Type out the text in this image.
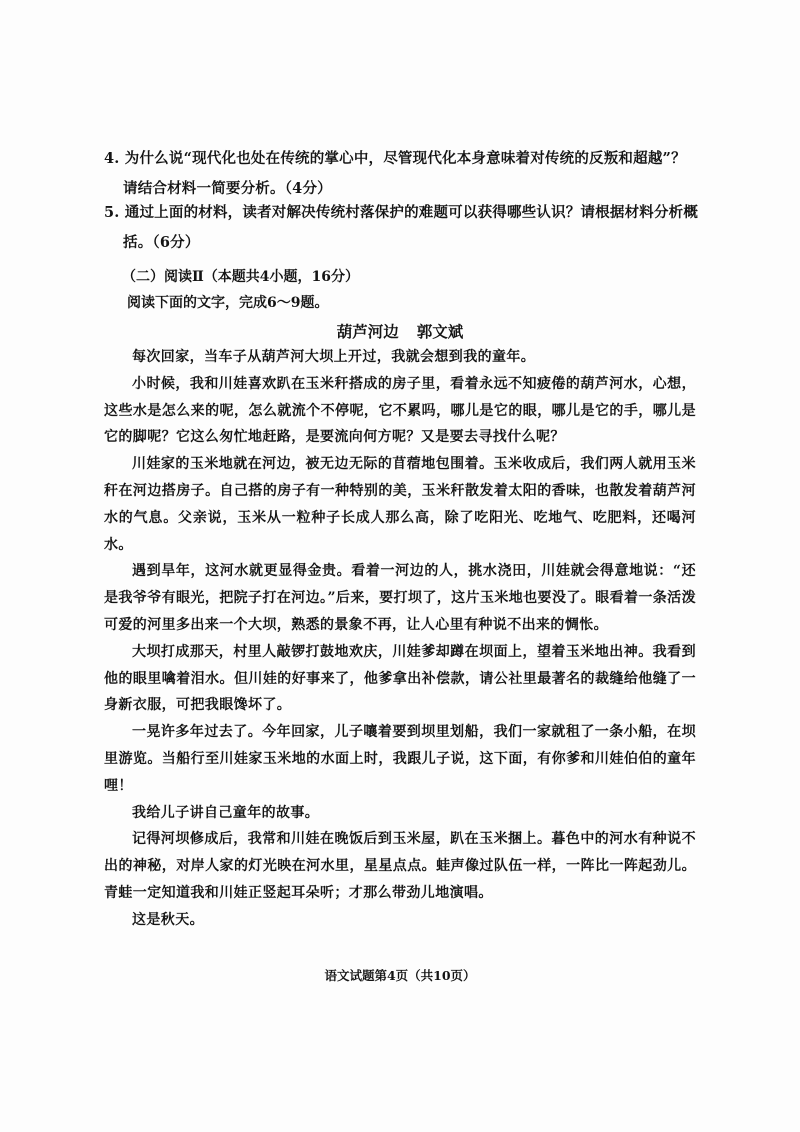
4. 为什么说“现代化也处在传统的掌心中，尽管现代化本身意味着对传统的反叛和超越”？
请结合材料一简要分析。（4分）
5. 通过上面的材料，读者对解决传统村落保护的难题可以获得哪些认识？请根据材料分析概
括。（6分）
（二）阅读Ⅱ（本题共4小题，16分）
阅读下面的文字，完成6～9题。
葫芦河边 郭文斌

每次回家，当车子从葫芦河大坝上开过，我就会想到我的童年。

小时候，我和川娃喜欢趴在玉米秆搭成的房子里，看着永远不知疲倦的葫芦河水，心想，这些水是怎么来的呢，怎么就流个不停呢，它不累吗，哪儿是它的眼，哪儿是它的手，哪儿是它的脚呢？它这么匆忙地赶路，是要流向何方呢？又是要去寻找什么呢？

川娃家的玉米地就在河边，被无边无际的苜蓿地包围着。玉米收成后，我们两人就用玉米秆在河边搭房子。自己搭的房子有一种特别的美，玉米秆散发着太阳的香味，也散发着葫芦河水的气息。父亲说，玉米从一粒种子长成人那么高，除了吃阳光、吃地气、吃肥料，还喝河水。

遇到旱年，这河水就更显得金贵。看着一河边的人，挑水浇田，川娃就会得意地说：“还是我爷爷有眼光，把院子打在河边。”后来，要打坝了，这片玉米地也要没了。眼看着一条活泼可爱的河里多出来一个大坝，熟悉的景象不再，让人心里有种说不出来的惆怅。

大坝打成那天，村里人敲锣打鼓地欢庆，川娃爹却蹲在坝面上，望着玉米地出神。我看到他的眼里噙着泪水。但川娃的好事来了，他爹拿出补偿款，请公社里最著名的裁缝给他缝了一身新衣服，可把我眼馋坏了。

一晃许多年过去了。今年回家，儿子嚷着要到坝里划船，我们一家就租了一条小船，在坝里游览。当船行至川娃家玉米地的水面上时，我跟儿子说，这下面，有你爹和川娃伯伯的童年哩！

我给儿子讲自己童年的故事。

记得河坝修成后，我常和川娃在晚饭后到玉米屋，趴在玉米捆上。暮色中的河水有种说不出的神秘，对岸人家的灯光映在河水里，星星点点。蛙声像过队伍一样，一阵比一阵起劲儿。青蛙一定知道我和川娃正竖起耳朵听；才那么带劲儿地演唱。

这是秋天。

语文试题第4页（共10页）
